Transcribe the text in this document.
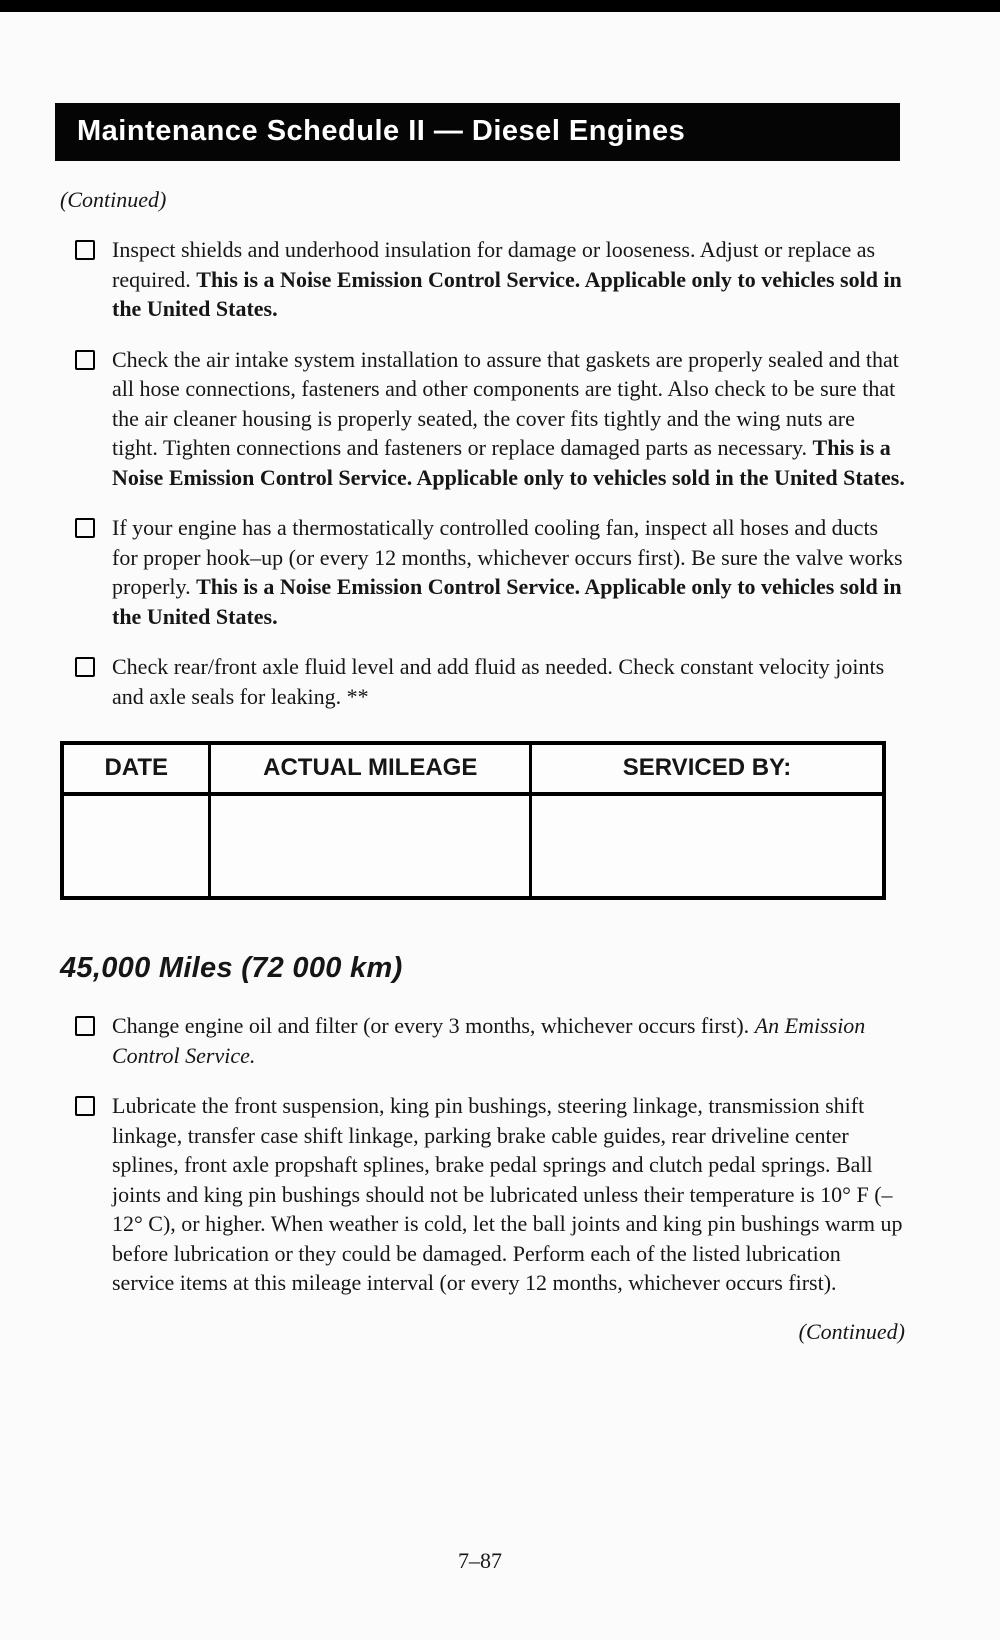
Maintenance Schedule II — Diesel Engines
(Continued)

Inspect shields and underhood insulation for damage or looseness. Adjust or replace as required. This is a Noise Emission Control Service. Applicable only to vehicles sold in the United States.

Check the air intake system installation to assure that gaskets are properly sealed and that all hose connections, fasteners and other components are tight. Also check to be sure that the air cleaner housing is properly seated, the cover fits tightly and the wing nuts are tight. Tighten connections and fasteners or replace damaged parts as necessary. This is a Noise Emission Control Service. Applicable only to vehicles sold in the United States.

If your engine has a thermostatically controlled cooling fan, inspect all hoses and ducts for proper hook–up (or every 12 months, whichever occurs first). Be sure the valve works properly. This is a Noise Emission Control Service. Applicable only to vehicles sold in the United States.

Check rear/front axle fluid level and add fluid as needed. Check constant velocity joints and axle seals for leaking. **

DATE	ACTUAL MILEAGE	SERVICED BY:

45,000 Miles (72 000 km)

Change engine oil and filter (or every 3 months, whichever occurs first). An Emission Control Service.

Lubricate the front suspension, king pin bushings, steering linkage, transmission shift linkage, transfer case shift linkage, parking brake cable guides, rear driveline center splines, front axle propshaft splines, brake pedal springs and clutch pedal springs. Ball joints and king pin bushings should not be lubricated unless their temperature is 10° F (–12° C), or higher. When weather is cold, let the ball joints and king pin bushings warm up before lubrication or they could be damaged. Perform each of the listed lubrication service items at this mileage interval (or every 12 months, whichever occurs first).

(Continued)
7–87
